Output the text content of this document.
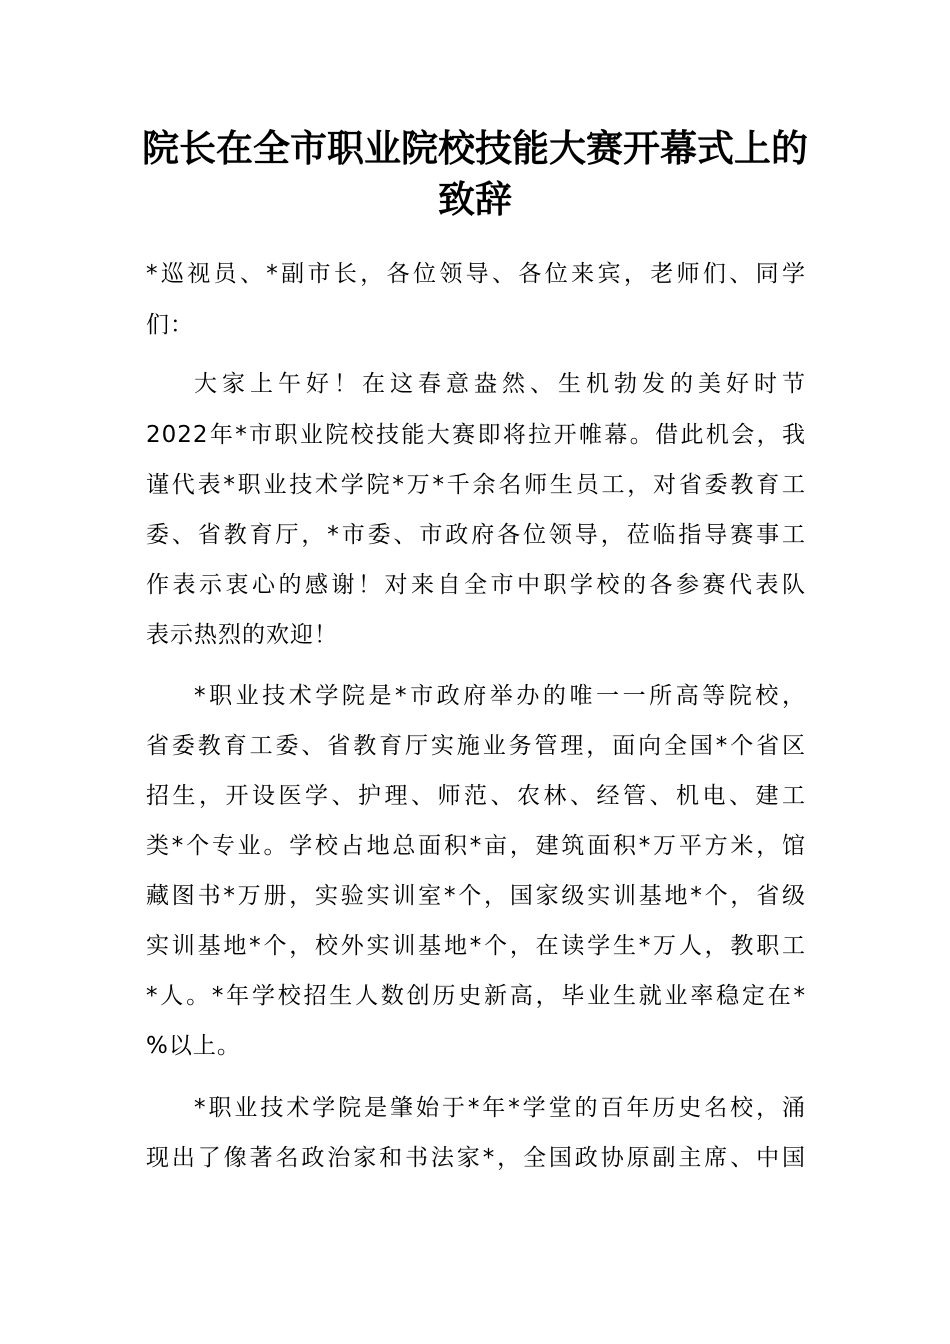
院长在全市职业院校技能大赛开幕式上的
致辞

*巡视员、*副市长，各位领导、各位来宾，老师们、同学

们：

大家上午好！在这春意盎然、生机勃发的美好时节

2022年*市职业院校技能大赛即将拉开帷幕。借此机会，我

谨代表*职业技术学院*万*千余名师生员工，对省委教育工

委、省教育厅，*市委、市政府各位领导，莅临指导赛事工

作表示衷心的感谢！对来自全市中职学校的各参赛代表队

表示热烈的欢迎！

*职业技术学院是*市政府举办的唯一一所高等院校，

省委教育工委、省教育厅实施业务管理，面向全国*个省区

招生，开设医学、护理、师范、农林、经管、机电、建工

类*个专业。学校占地总面积*亩，建筑面积*万平方米，馆

藏图书*万册，实验实训室*个，国家级实训基地*个，省级

实训基地*个，校外实训基地*个，在读学生*万人，教职工

*人。*年学校招生人数创历史新高，毕业生就业率稳定在*

%以上。

*职业技术学院是肇始于*年*学堂的百年历史名校，涌

现出了像著名政治家和书法家*，全国政协原副主席、中国
